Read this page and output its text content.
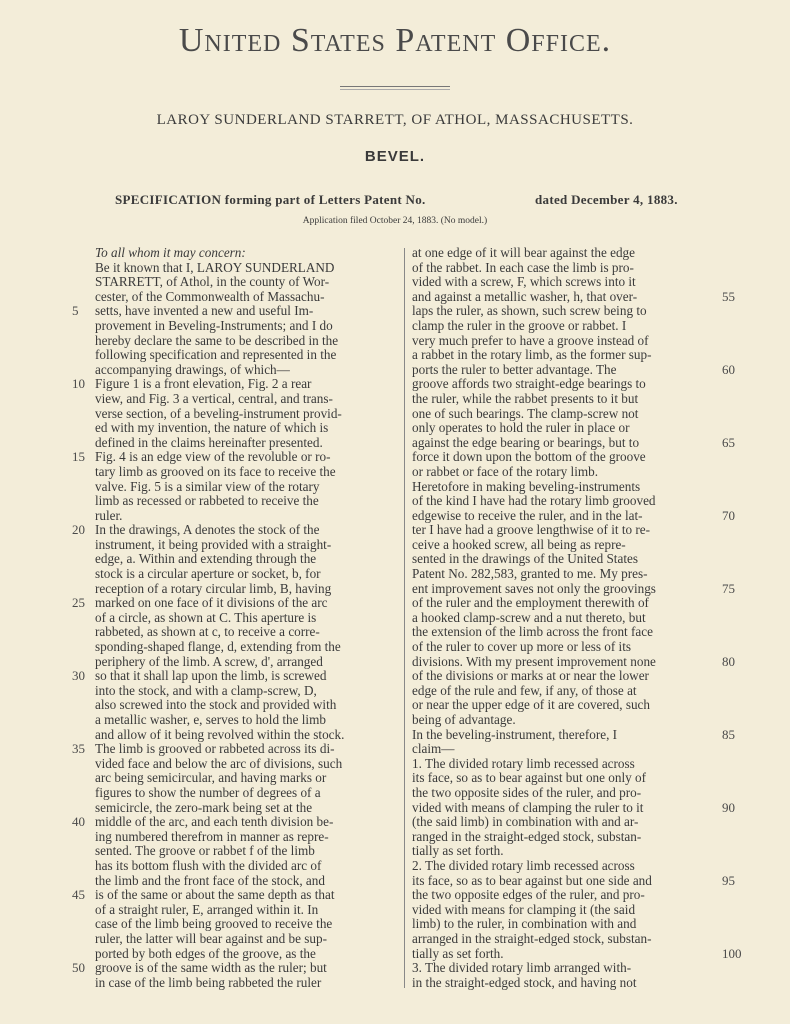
United States Patent Office.
LAROY SUNDERLAND STARRETT, OF ATHOL, MASSACHUSETTS.
BEVEL.
SPECIFICATION forming part of Letters Patent No.	dated December 4, 1883.
Application filed October 24, 1883. (No model.)
To all whom it may concern:
Be it known that I, LAROY SUNDERLAND
STARRETT, of Athol, in the county of Wor-
cester, of the Commonwealth of Massachu-
setts, have invented a new and useful Im-
5
provement in Beveling-Instruments; and I do
hereby declare the same to be described in the
following specification and represented in the
accompanying drawings, of which—
Figure 1 is a front elevation, Fig. 2 a rear
10
view, and Fig. 3 a vertical, central, and trans-
verse section, of a beveling-instrument provid-
ed with my invention, the nature of which is
defined in the claims hereinafter presented.
Fig. 4 is an edge view of the revoluble or ro-
15
tary limb as grooved on its face to receive the
valve. Fig. 5 is a similar view of the rotary
limb as recessed or rabbeted to receive the
ruler.
In the drawings, A denotes the stock of the
20
instrument, it being provided with a straight-
edge, a. Within and extending through the
stock is a circular aperture or socket, b, for
reception of a rotary circular limb, B, having
marked on one face of it divisions of the arc
25
of a circle, as shown at C. This aperture is
rabbeted, as shown at c, to receive a corre-
sponding-shaped flange, d, extending from the
periphery of the limb. A screw, d', arranged
so that it shall lap upon the limb, is screwed
30
into the stock, and with a clamp-screw, D,
also screwed into the stock and provided with
a metallic washer, e, serves to hold the limb
and allow of it being revolved within the stock.
The limb is grooved or rabbeted across its di-
35
vided face and below the arc of divisions, such
arc being semicircular, and having marks or
figures to show the number of degrees of a
semicircle, the zero-mark being set at the
middle of the arc, and each tenth division be-
40
ing numbered therefrom in manner as repre-
sented. The groove or rabbet f of the limb
has its bottom flush with the divided arc of
the limb and the front face of the stock, and
is of the same or about the same depth as that
45
of a straight ruler, E, arranged within it. In
case of the limb being grooved to receive the
ruler, the latter will bear against and be sup-
ported by both edges of the groove, as the
groove is of the same width as the ruler; but
50
in case of the limb being rabbeted the ruler
at one edge of it will bear against the edge
of the rabbet. In each case the limb is pro-
vided with a screw, F, which screws into it
and against a metallic washer, h, that over-	55
laps the ruler, as shown, such screw being to
clamp the ruler in the groove or rabbet. I
very much prefer to have a groove instead of
a rabbet in the rotary limb, as the former sup-
ports the ruler to better advantage. The	60
groove affords two straight-edge bearings to
the ruler, while the rabbet presents to it but
one of such bearings. The clamp-screw not
only operates to hold the ruler in place or
against the edge bearing or bearings, but to	65
force it down upon the bottom of the groove
or rabbet or face of the rotary limb.
Heretofore in making beveling-instruments
of the kind I have had the rotary limb grooved
edgewise to receive the ruler, and in the lat-	70
ter I have had a groove lengthwise of it to re-
ceive a hooked screw, all being as repre-
sented in the drawings of the United States
Patent No. 282,583, granted to me. My pres-
ent improvement saves not only the groovings	75
of the ruler and the employment therewith of
a hooked clamp-screw and a nut thereto, but
the extension of the limb across the front face
of the ruler to cover up more or less of its
divisions. With my present improvement none	80
of the divisions or marks at or near the lower
edge of the rule and few, if any, of those at
or near the upper edge of it are covered, such
being of advantage.
In the beveling-instrument, therefore, I	85
claim—
1. The divided rotary limb recessed across
its face, so as to bear against but one only of
the two opposite sides of the ruler, and pro-
vided with means of clamping the ruler to it	90
(the said limb) in combination with and ar-
ranged in the straight-edged stock, substan-
tially as set forth.
2. The divided rotary limb recessed across
its face, so as to bear against but one side and	95
the two opposite edges of the ruler, and pro-
vided with means for clamping it (the said
limb) to the ruler, in combination with and
arranged in the straight-edged stock, substan-
tially as set forth.	100
3. The divided rotary limb arranged with-
in the straight-edged stock, and having not
